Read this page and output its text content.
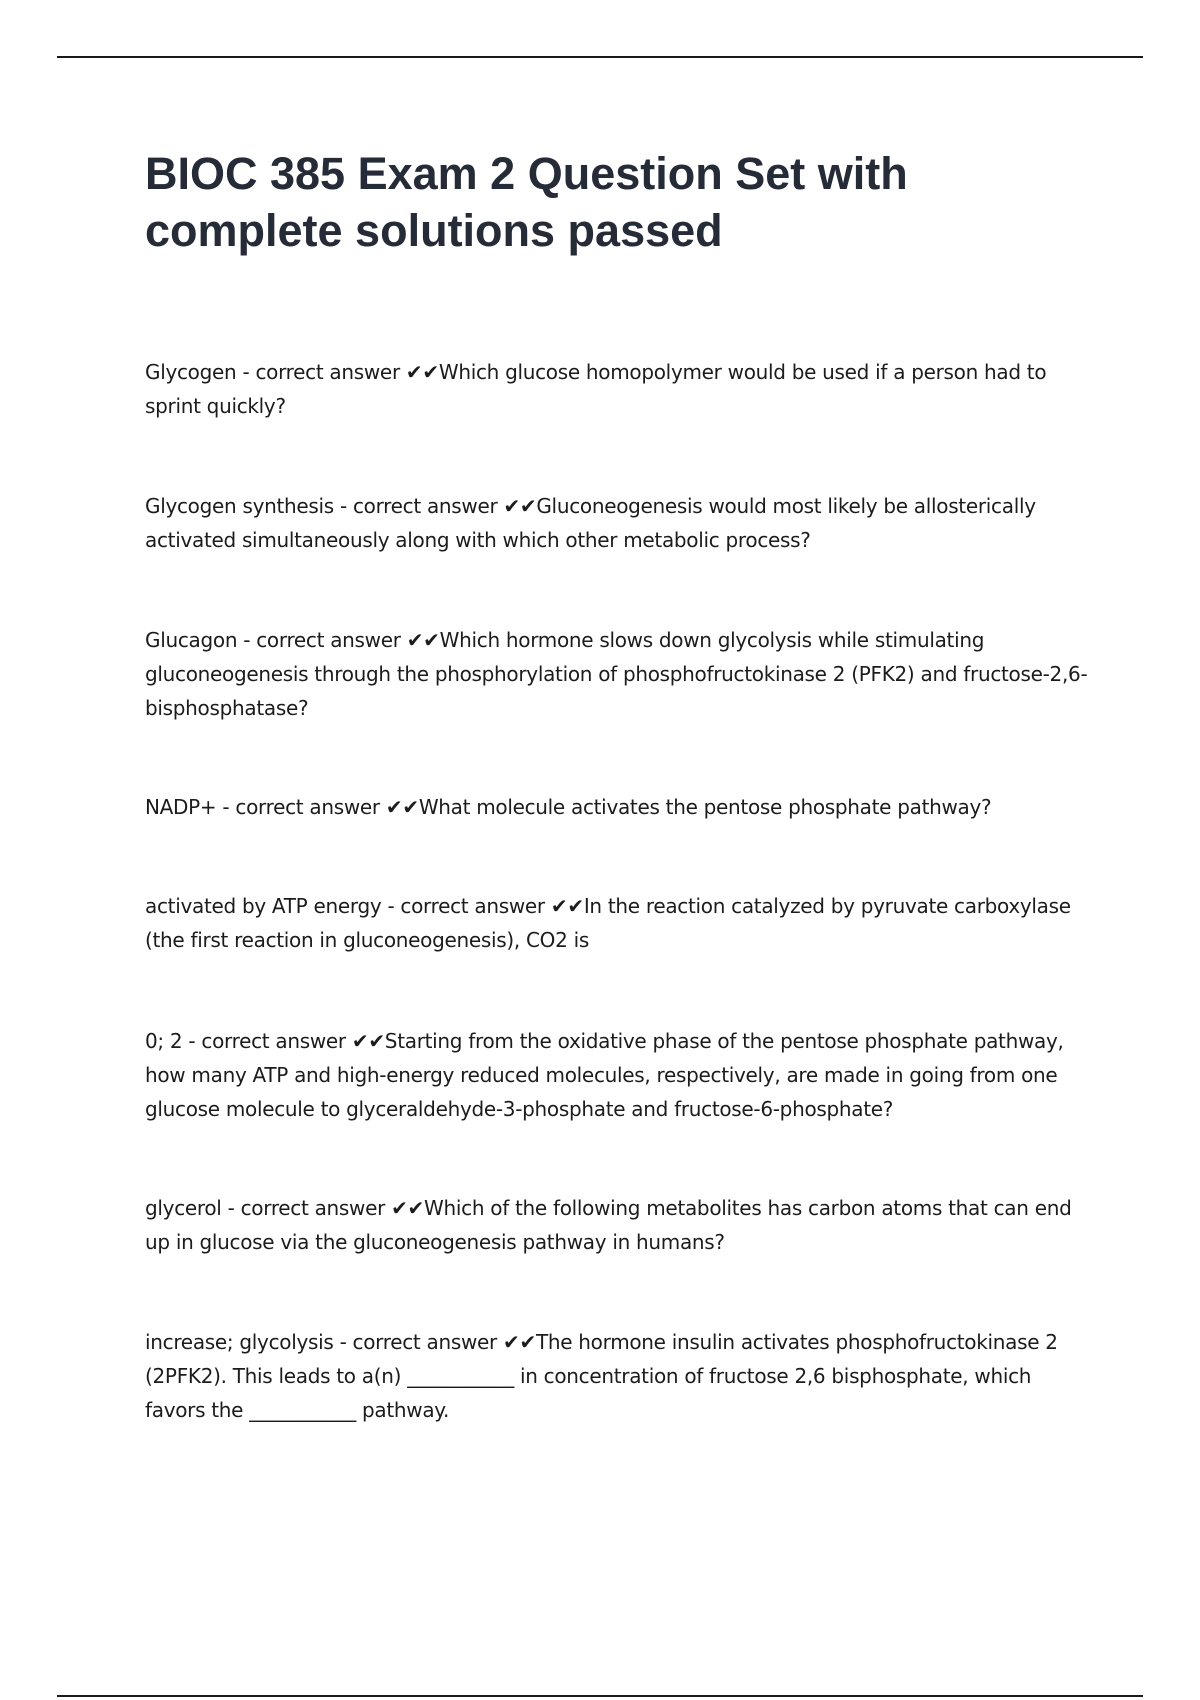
BIOC 385 Exam 2 Question Set with complete solutions passed
Glycogen - correct answer ✔✔Which glucose homopolymer would be used if a person had to sprint quickly?
Glycogen synthesis - correct answer ✔✔Gluconeogenesis would most likely be allosterically activated simultaneously along with which other metabolic process?
Glucagon - correct answer ✔✔Which hormone slows down glycolysis while stimulating gluconeogenesis through the phosphorylation of phosphofructokinase 2 (PFK2) and fructose-2,6-bisphosphatase?
NADP+ - correct answer ✔✔What molecule activates the pentose phosphate pathway?
activated by ATP energy - correct answer ✔✔In the reaction catalyzed by pyruvate carboxylase (the first reaction in gluconeogenesis), CO2 is
0; 2 - correct answer ✔✔Starting from the oxidative phase of the pentose phosphate pathway, how many ATP and high-energy reduced molecules, respectively, are made in going from one glucose molecule to glyceraldehyde-3-phosphate and fructose-6-phosphate?
glycerol - correct answer ✔✔Which of the following metabolites has carbon atoms that can end up in glucose via the gluconeogenesis pathway in humans?
increase; glycolysis - correct answer ✔✔The hormone insulin activates phosphofructokinase 2 (2PFK2). This leads to a(n) ___________ in concentration of fructose 2,6 bisphosphate, which favors the ___________ pathway.
